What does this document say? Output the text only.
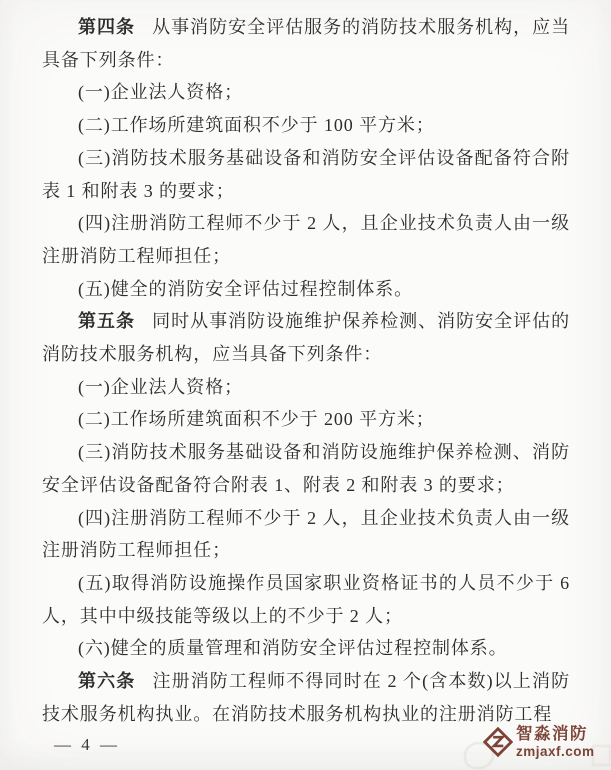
第四条 从事消防安全评估服务的消防技术服务机构，应当具备下列条件：

(一)企业法人资格；

(二)工作场所建筑面积不少于 100 平方米；

(三)消防技术服务基础设备和消防安全评估设备配备符合附表 1 和附表 3 的要求；

(四)注册消防工程师不少于 2 人，且企业技术负责人由一级注册消防工程师担任；

(五)健全的消防安全评估过程控制体系。

第五条 同时从事消防设施维护保养检测、消防安全评估的消防技术服务机构，应当具备下列条件：

(一)企业法人资格；

(二)工作场所建筑面积不少于 200 平方米；

(三)消防技术服务基础设备和消防设施维护保养检测、消防安全评估设备配备符合附表 1、附表 2 和附表 3 的要求；

(四)注册消防工程师不少于 2 人，且企业技术负责人由一级注册消防工程师担任；

(五)取得消防设施操作员国家职业资格证书的人员不少于 6 人，其中中级技能等级以上的不少于 2 人；

(六)健全的质量管理和消防安全评估过程控制体系。

第六条 注册消防工程师不得同时在 2 个(含本数)以上消防技术服务机构执业。在消防技术服务机构执业的注册消防工程

— 4 —
智淼消防
zmjaxf.com
